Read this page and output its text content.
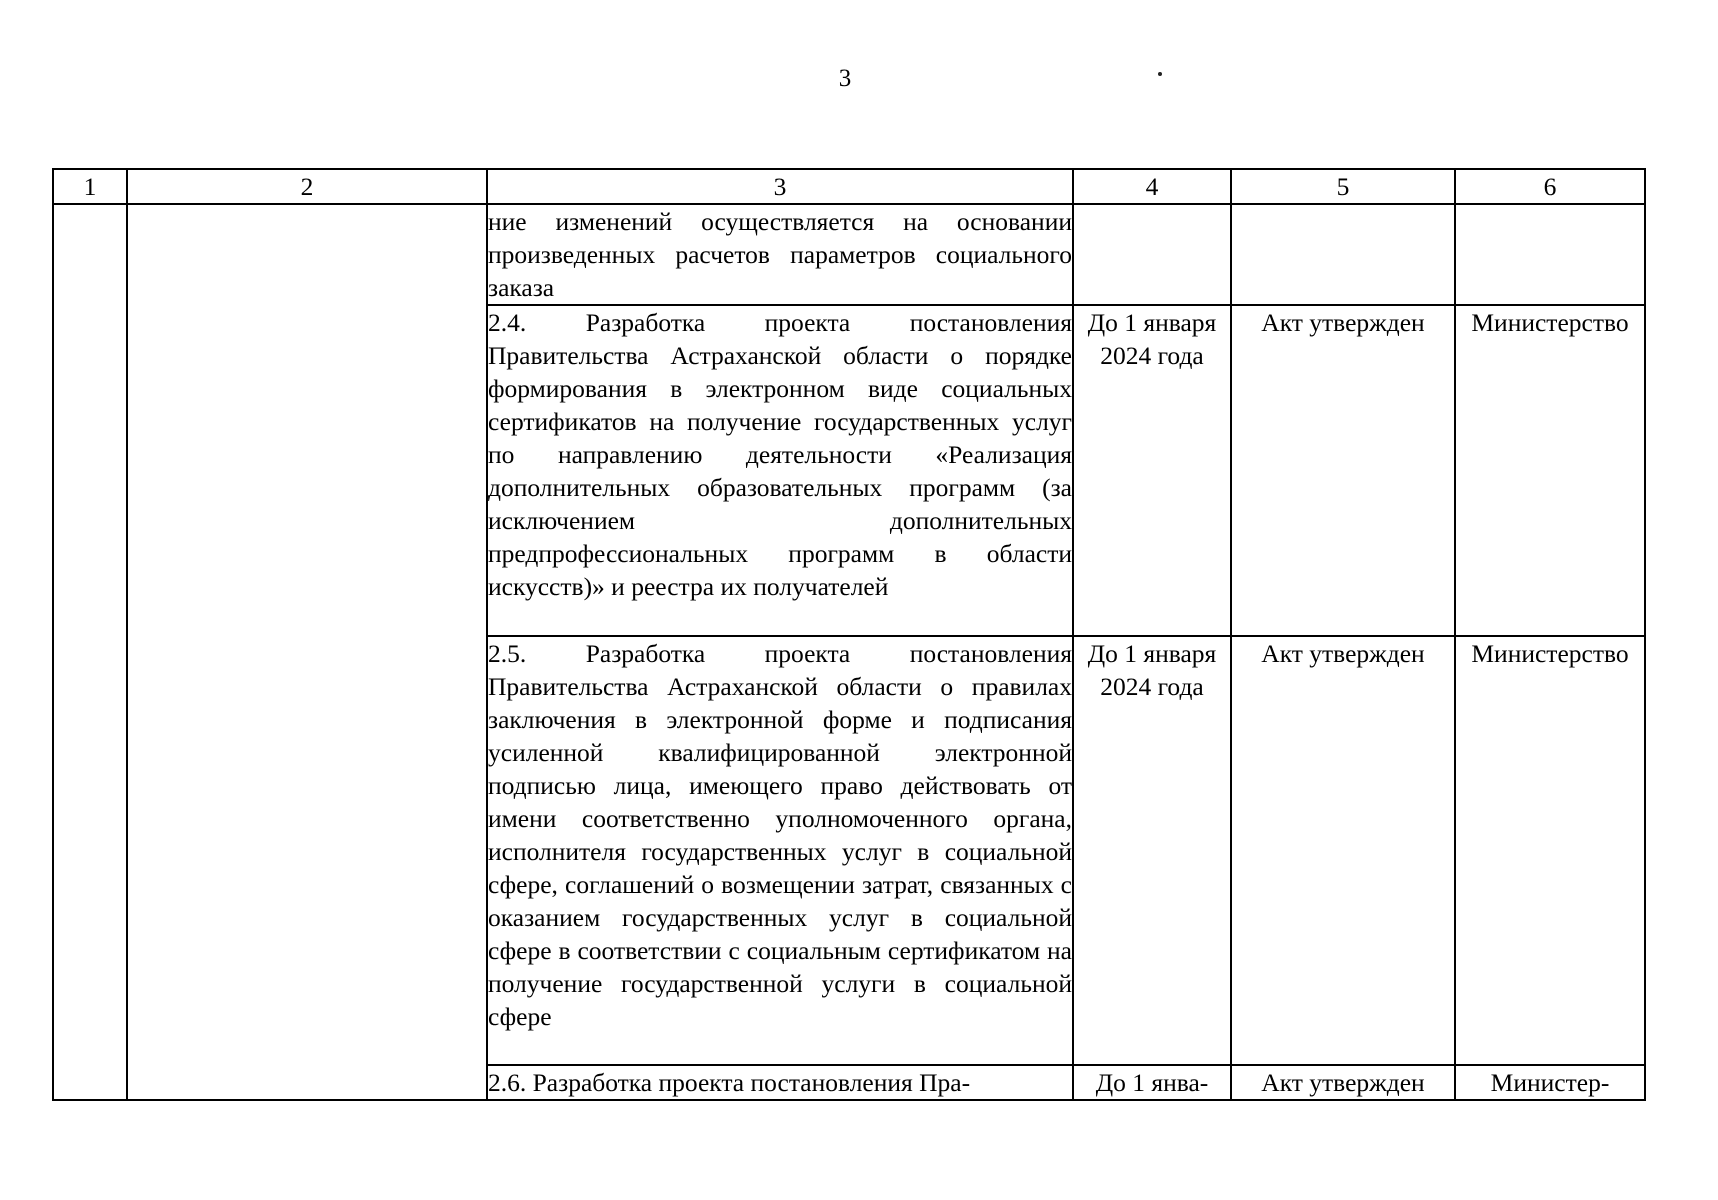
3
1	2	3	4	5	6

		ние изменений осуществляется на основании произведенных расчетов параметров социального заказа			

		2.4. Разработка проекта постановления Правительства Астраханской области о порядке формирования в электронном виде социальных сертификатов на получение государственных услуг по направлению деятельности «Реализация дополнительных образовательных программ (за исключением дополнительных предпрофессиональных программ в области искусств)» и реестра их получателей	До 1 января 2024 года	Акт утвержден	Министерство

		2.5. Разработка проекта постановления Правительства Астраханской области о правилах заключения в электронной форме и подписания усиленной квалифицированной электронной подписью лица, имеющего право действовать от имени соответственно уполномоченного органа, исполнителя государственных услуг в социальной сфере, соглашений о возмещении затрат, связанных с оказанием государственных услуг в социальной сфере в соответствии с социальным сертификатом на получение государственной услуги в социальной сфере	До 1 января 2024 года	Акт утвержден	Министерство

		2.6. Разработка проекта постановления Пра-	До 1 янва-	Акт утвержден	Министер-
